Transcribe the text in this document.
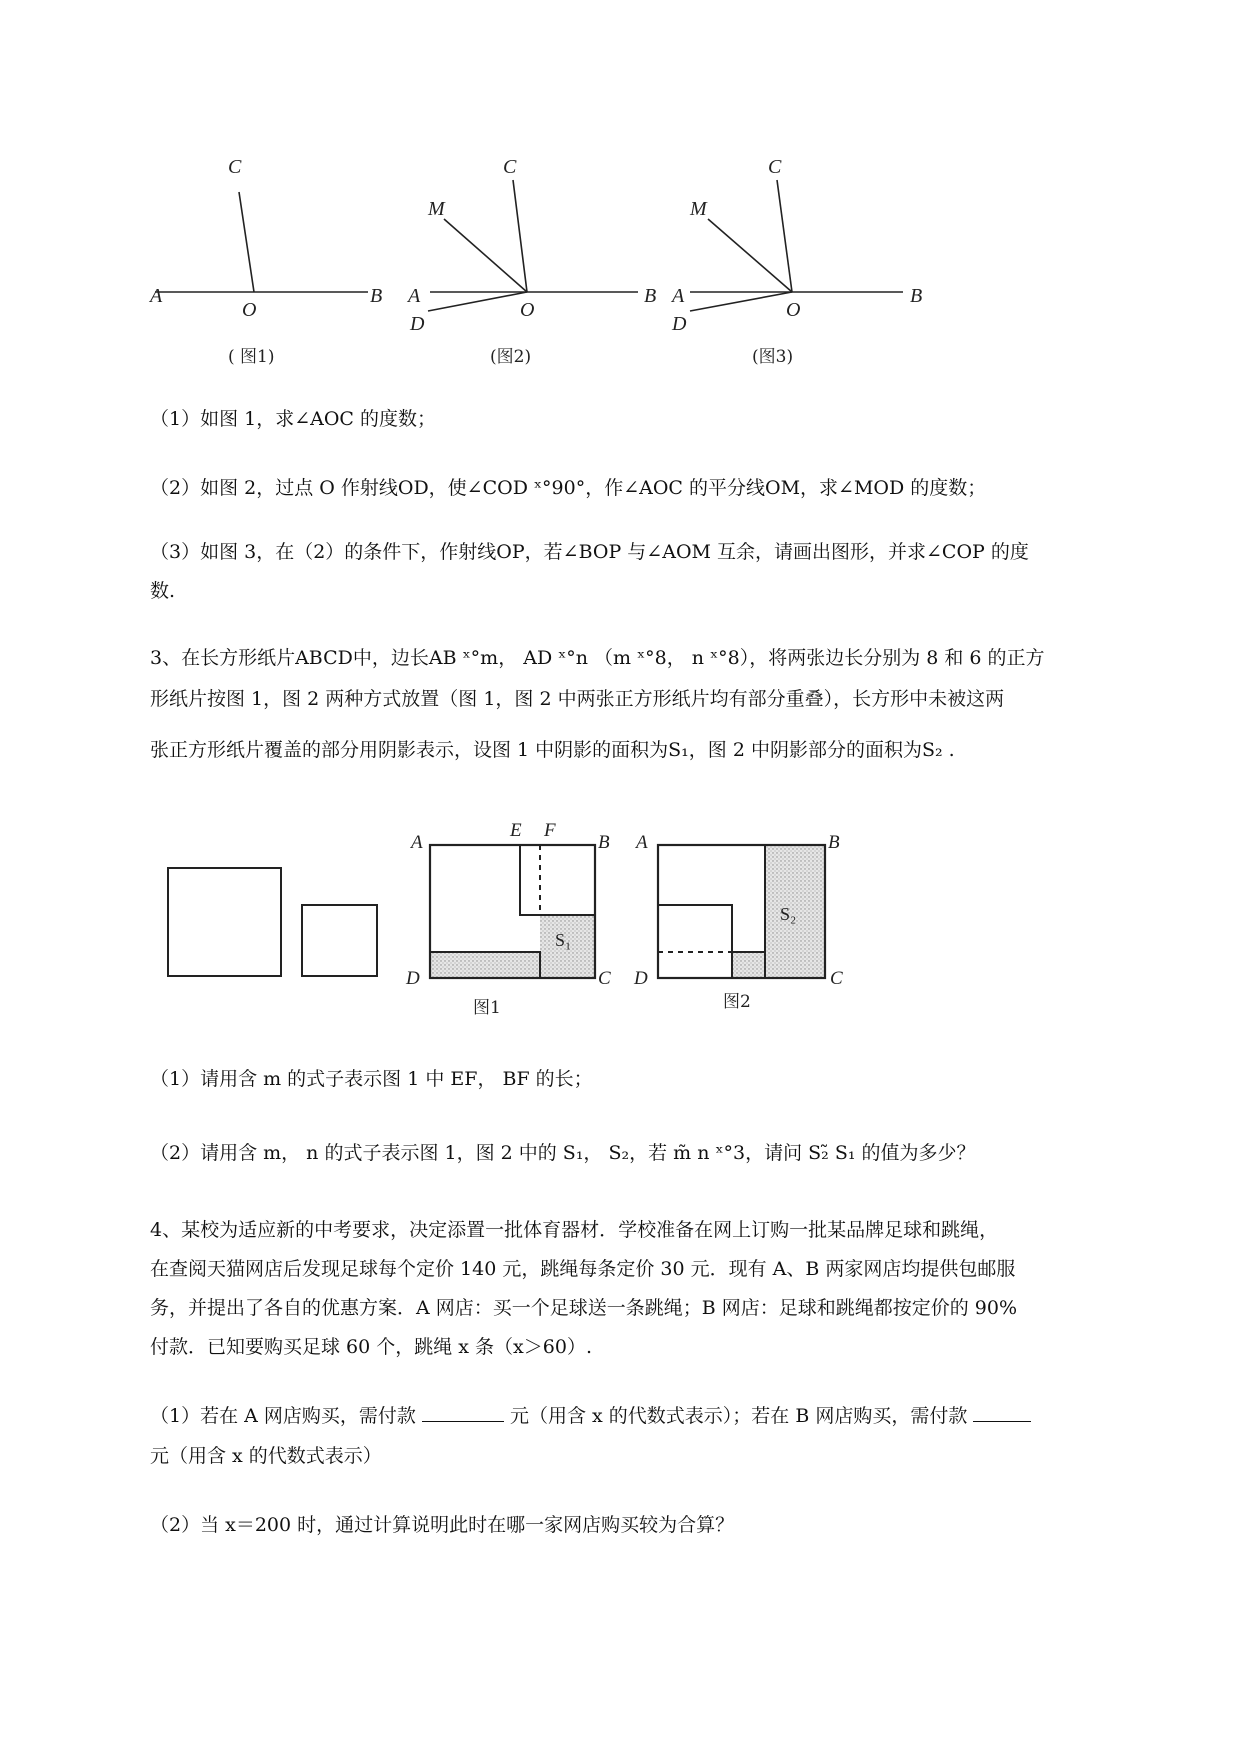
C
A
O
B
( 图1)
M
C
A
O
B
D
(图2)
M
C
A
O
B
D
(图3)
（1）如图 1，求∠AOC 的度数；
（2）如图 2，过点 O 作射线OD，使∠COD ˣ°90°，作∠AOC 的平分线OM，求∠MOD 的度数；
（3）如图 3，在（2）的条件下，作射线OP，若∠BOP 与∠AOM 互余，请画出图形，并求∠COP 的度
数.
3、在长方形纸片ABCD中，边长AB ˣ°m， AD ˣ°n （m ˣ°8， n ˣ°8），将两张边长分别为 8 和 6 的正方
形纸片按图 1，图 2 两种方式放置（图 1，图 2 中两张正方形纸片均有部分重叠），长方形中未被这两
张正方形纸片覆盖的部分用阴影表示，设图 1 中阴影的面积为S₁，图 2 中阴影部分的面积为S₂ .
A
E F
B
D	C
S₁
图1
A	B
D	C
S₂
图2
（1）请用含 m 的式子表示图 1 中 EF， BF 的长；
（2）请用含 m， n 的式子表示图 1，图 2 中的 S₁， S₂，若 m̃ n ˣ°3，请问 S₂̃ S₁ 的值为多少？
4、某校为适应新的中考要求，决定添置一批体育器材．学校准备在网上订购一批某品牌足球和跳绳，
在查阅天猫网店后发现足球每个定价 140 元，跳绳每条定价 30 元．现有 A、B 两家网店均提供包邮服
务，并提出了各自的优惠方案．A 网店：买一个足球送一条跳绳；B 网店：足球和跳绳都按定价的 90%
付款．已知要购买足球 60 个，跳绳 x 条（x＞60）.
（1）若在 A 网店购买，需付款	元（用含 x 的代数式表示）；若在 B 网店购买，需付款
元（用含 x 的代数式表示）
（2）当 x＝200 时，通过计算说明此时在哪一家网店购买较为合算？
